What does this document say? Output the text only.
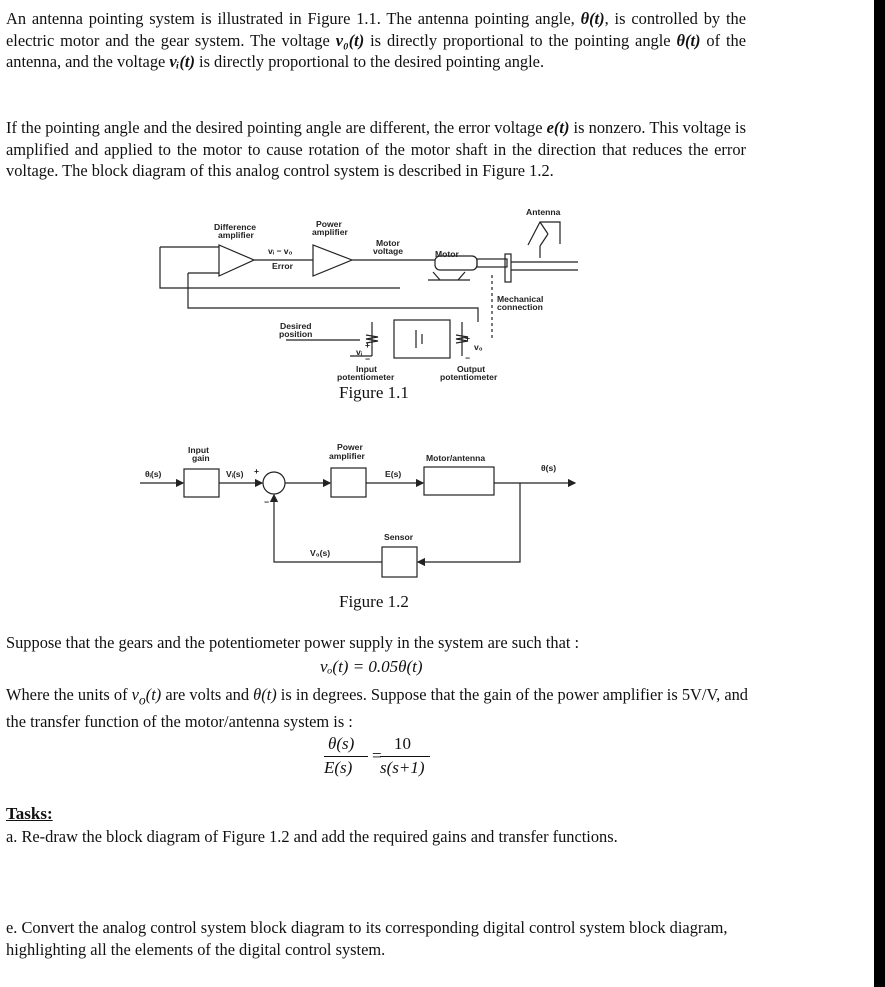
An antenna pointing system is illustrated in Figure 1.1. The antenna pointing angle, θ(t), is controlled by the electric motor and the gear system. The voltage v₀(t) is directly proportional to the pointing angle θ(t) of the antenna, and the voltage vᵢ(t) is directly proportional to the desired pointing angle.

If the pointing angle and the desired pointing angle are different, the error voltage e(t) is nonzero. This voltage is amplified and applied to the motor to cause rotation of the motor shaft in the direction that reduces the error voltage. The block diagram of this analog control system is described in Figure 1.2.

Antenna
Difference
amplifier
Power
amplifier
vᵢ − v₀
Error
Motor
voltage	Motor
Mechanical
connection
Desired
position
vᵢ
+
−
v₀
+
−
Input
potentiometer
Output
potentiometer
Figure 1.1
θᵢ(s)
Input
gain
Vᵢ(s) +
−
Power
amplifier
E(s)
Motor/antenna
θ(s)
Sensor
V₀(s)
Figure 1.2

Suppose that the gears and the potentiometer power supply in the system are such that :

vₒ(t) = 0.05θ(t)

Where the units of $v_o(t)$ are volts and θ(t) is in degrees. Suppose that the gain of the power amplifier is 5V/V, and the transfer function of the motor/antenna system is :

θ(s)
E(s)
=
10
s(s+1)
Tasks:
a. Re-draw the block diagram of Figure 1.2 and add the required gains and transfer functions.
e. Convert the analog control system block diagram to its corresponding digital control system block diagram, highlighting all the elements of the digital control system.
